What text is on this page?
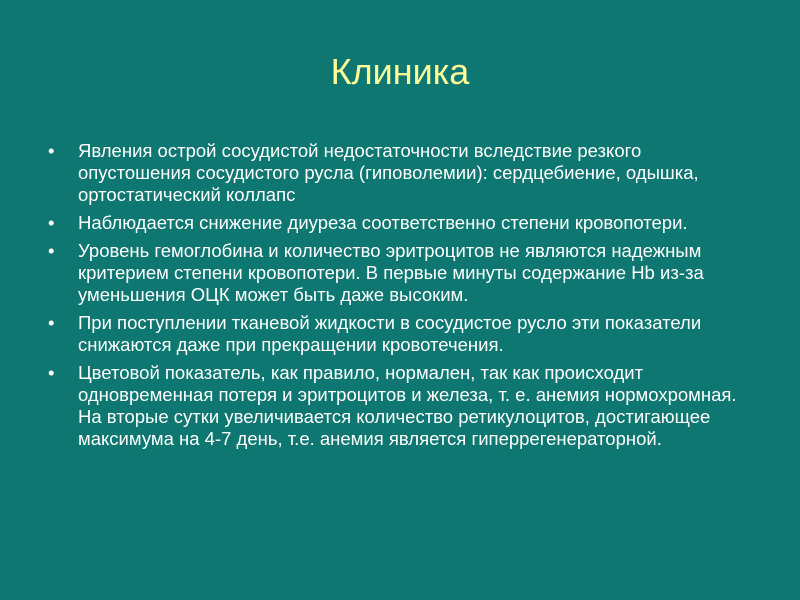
Клиника
• Явления острой сосудистой недостаточности вследствие резкого опустошения сосудистого русла (гиповолемии): сердцебиение, одышка, ортостатический коллапс
• Наблюдается снижение диуреза соответственно степени кровопотери.
• Уровень гемоглобина и количество эритроцитов не являются надежным критерием степени кровопотери. В первые минуты содержание Нb из-за уменьшения ОЦК может быть даже высоким.
• При поступлении тканевой жидкости в сосудистое русло эти показатели снижаются даже при прекращении кровотечения.
• Цветовой показатель, как правило, нормален, так как происходит одновременная потеря и эритроцитов и железа, т. е. анемия нормохромная. На вторые сутки увеличивается количество ретикулоцитов, достигающее максимума на 4-7 день, т.е. анемия является гиперрегенераторной.
